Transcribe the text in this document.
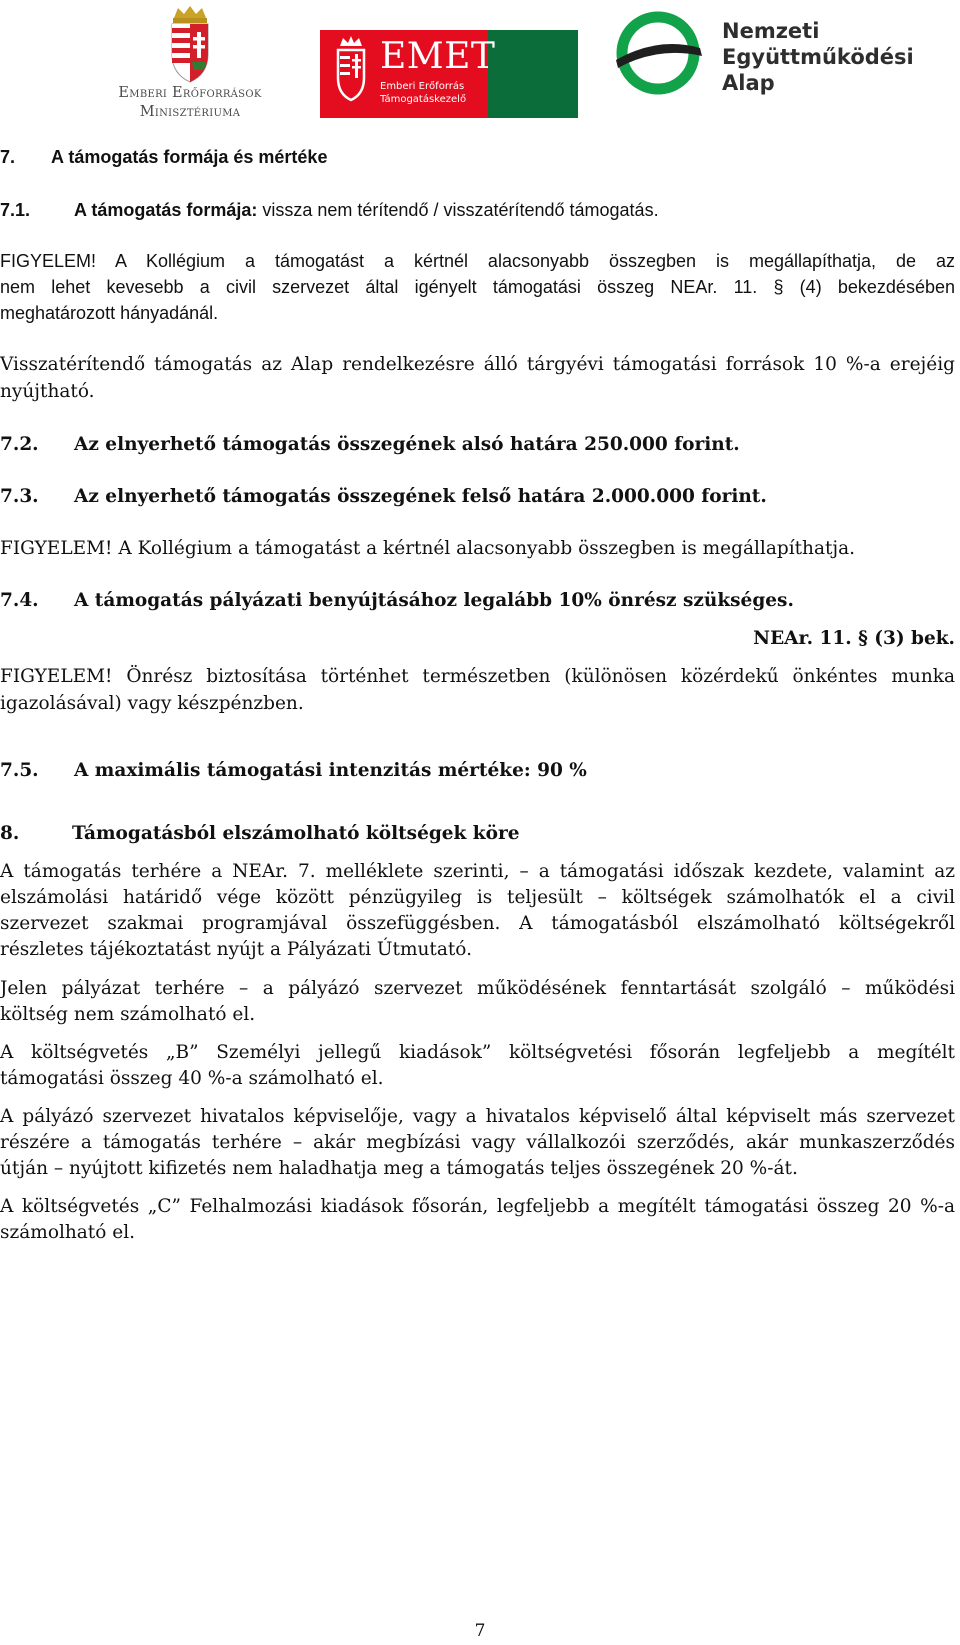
Emberi Erőforrások
Minisztériuma
EMET
Emberi Erőforrás
Támogatáskezelő
Nemzeti
Együttműködési
Alap
7. A támogatás formája és mértéke
7.1. A támogatás formája: vissza nem térítendő / visszatérítendő támogatás.
FIGYELEM! A Kollégium a támogatást a kértnél alacsonyabb összegben is megállapíthatja, de az
nem lehet kevesebb a civil szervezet által igényelt támogatási összeg NEAr. 11. § (4) bekezdésében
meghatározott hányadánál.
Visszatérítendő támogatás az Alap rendelkezésre álló tárgyévi támogatási források 10 %-a erejéig
nyújtható.
7.2. Az elnyerhető támogatás összegének alsó határa 250.000 forint.
7.3. Az elnyerhető támogatás összegének felső határa 2.000.000 forint.
FIGYELEM! A Kollégium a támogatást a kértnél alacsonyabb összegben is megállapíthatja.
7.4. A támogatás pályázati benyújtásához legalább 10% önrész szükséges.
NEAr. 11. § (3) bek.
FIGYELEM! Önrész biztosítása történhet természetben (különösen közérdekű önkéntes munka
igazolásával) vagy készpénzben.
7.5. A maximális támogatási intenzitás mértéke: 90 %
8.	Támogatásból elszámolható költségek köre
A támogatás terhére a NEAr. 7. melléklete szerinti, – a támogatási időszak kezdete, valamint az
elszámolási határidő vége között pénzügyileg is teljesült – költségek számolhatók el a civil
szervezet szakmai programjával összefüggésben. A támogatásból elszámolható költségekről
részletes tájékoztatást nyújt a Pályázati Útmutató.
Jelen pályázat terhére – a pályázó szervezet működésének fenntartását szolgáló – működési
költség nem számolható el.
A költségvetés „B” Személyi jellegű kiadások” költségvetési fősorán legfeljebb a megítélt
támogatási összeg 40 %-a számolható el.
A pályázó szervezet hivatalos képviselője, vagy a hivatalos képviselő által képviselt más szervezet
részére a támogatás terhére – akár megbízási vagy vállalkozói szerződés, akár munkaszerződés
útján – nyújtott kifizetés nem haladhatja meg a támogatás teljes összegének 20 %-át.
A költségvetés „C” Felhalmozási kiadások fősorán, legfeljebb a megítélt támogatási összeg 20 %-a
számolható el.
7
